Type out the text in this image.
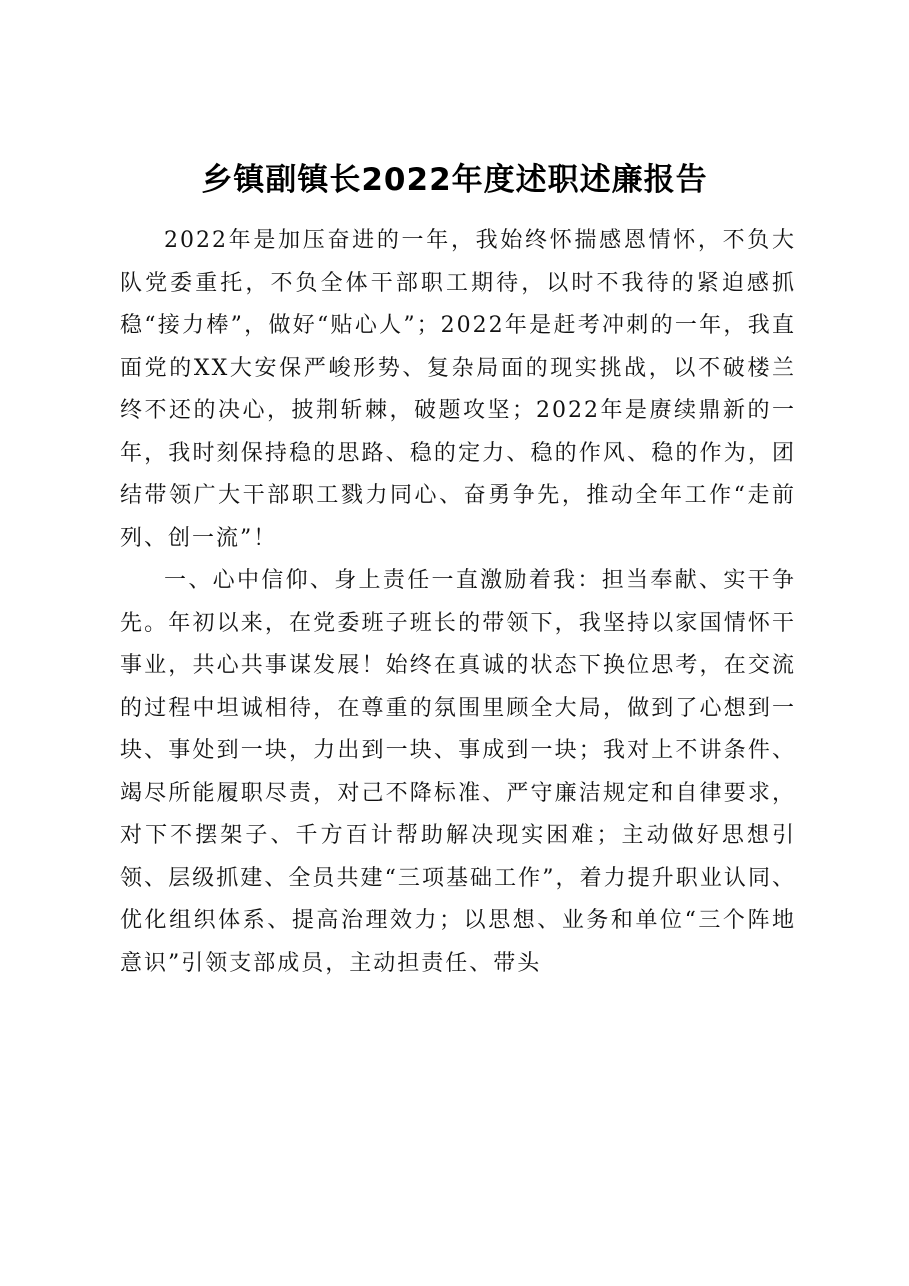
乡镇副镇长2022年度述职述廉报告

2022年是加压奋进的一年，我始终怀揣感恩情怀，不负大队党委重托，不负全体干部职工期待，以时不我待的紧迫感抓稳“接力棒”，做好“贴心人”；2022年是赶考冲刺的一年，我直面党的XX大安保严峻形势、复杂局面的现实挑战，以不破楼兰终不还的决心，披荆斩棘，破题攻坚；2022年是赓续鼎新的一年，我时刻保持稳的思路、稳的定力、稳的作风、稳的作为，团结带领广大干部职工戮力同心、奋勇争先，推动全年工作“走前列、创一流”！

一、心中信仰、身上责任一直激励着我：担当奉献、实干争先。年初以来，在党委班子班长的带领下，我坚持以家国情怀干事业，共心共事谋发展！始终在真诚的状态下换位思考，在交流的过程中坦诚相待，在尊重的氛围里顾全大局，做到了心想到一块、事处到一块，力出到一块、事成到一块；我对上不讲条件、竭尽所能履职尽责，对己不降标准、严守廉洁规定和自律要求，对下不摆架子、千方百计帮助解决现实困难；主动做好思想引领、层级抓建、全员共建“三项基础工作”，着力提升职业认同、优化组织体系、提高治理效力；以思想、业务和单位“三个阵地意识”引领支部成员，主动担责任、带头
